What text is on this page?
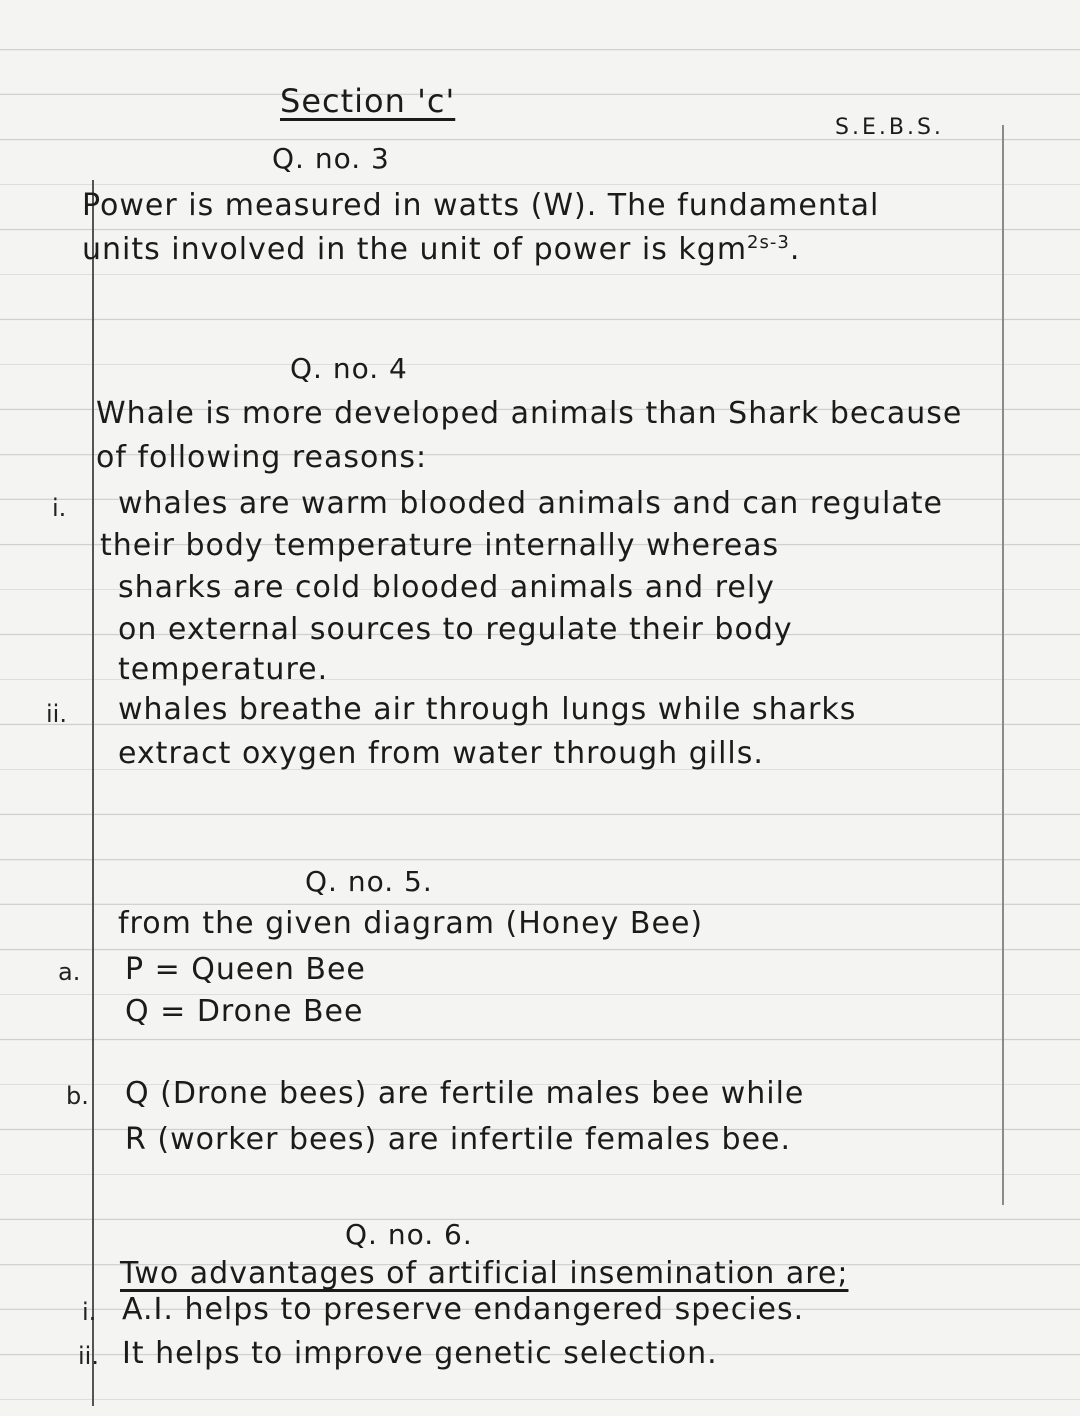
Section 'c'
S.E.B.S.
Q. no. 3
Power is measured in watts (W). The fundamental
units involved in the unit of power is kgm$^{2s-3}$.
Q. no. 4
Whale is more developed animals than Shark because
of following reasons:
i. whales are warm blooded animals and can regulate
their body temperature internally whereas
sharks are cold blooded animals and rely
on external sources to regulate their body
temperature.
ii. whales breathe air through lungs while sharks
extract oxygen from water through gills.
Q. no. 5.
from the given diagram (Honey Bee)
a. P = Queen Bee
Q = Drone Bee
b. Q (Drone bees) are fertile males bee while
R (worker bees) are infertile females bee.
Q. no. 6.
Two advantages of artificial insemination are;
i. A.I. helps to preserve endangered species.
ii. It helps to improve genetic selection.
